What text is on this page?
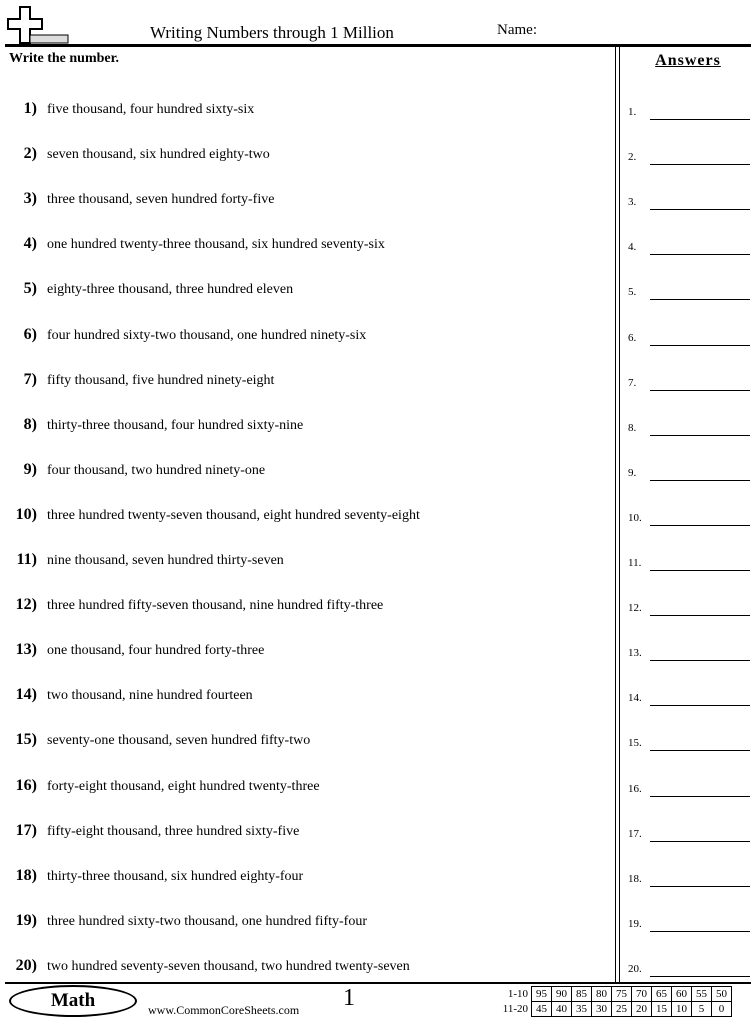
Writing Numbers through 1 Million	Name:
Write the number.	Answers
1) five thousand, four hundred sixty-six
2) seven thousand, six hundred eighty-two
3) three thousand, seven hundred forty-five
4) one hundred twenty-three thousand, six hundred seventy-six
5) eighty-three thousand, three hundred eleven
6) four hundred sixty-two thousand, one hundred ninety-six
7) fifty thousand, five hundred ninety-eight
8) thirty-three thousand, four hundred sixty-nine
9) four thousand, two hundred ninety-one
10) three hundred twenty-seven thousand, eight hundred seventy-eight
11) nine thousand, seven hundred thirty-seven
12) three hundred fifty-seven thousand, nine hundred fifty-three
13) one thousand, four hundred forty-three
14) two thousand, nine hundred fourteen
15) seventy-one thousand, seven hundred fifty-two
16) forty-eight thousand, eight hundred twenty-three
17) fifty-eight thousand, three hundred sixty-five
18) thirty-three thousand, six hundred eighty-four
19) three hundred sixty-two thousand, one hundred fifty-four
20) two hundred seventy-seven thousand, two hundred twenty-seven
1.
2.
3.
4.
5.
6.
7.
8.
9.
10.
11.
12.
13.
14.
15.
16.
17.
18.
19.
20.
Math	www.CommonCoreSheets.com 1	1-10	95	90	85	80	75	70	65	60	55	50
11-20	45	40	35	30	25	20	15	10	5	0
